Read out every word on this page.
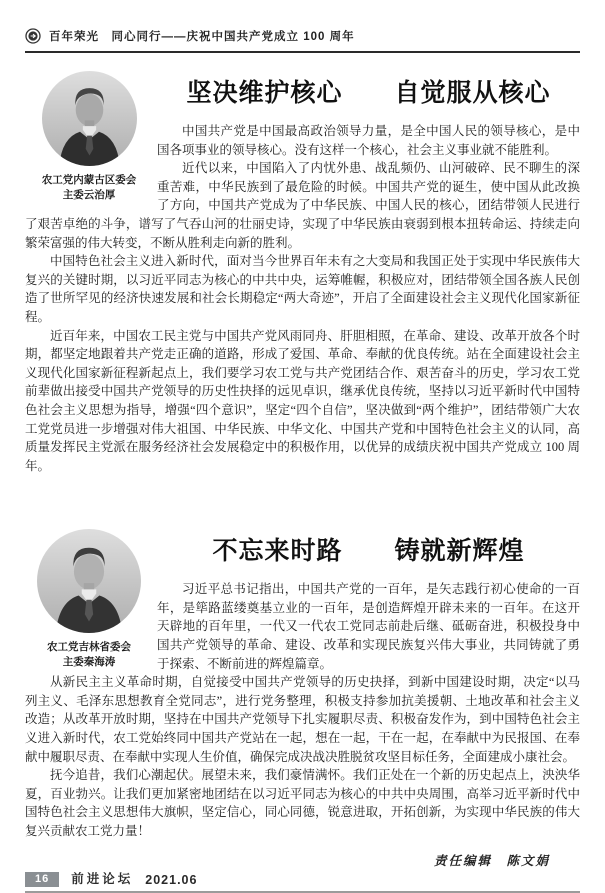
百年荣光　同心同行——庆祝中国共产党成立 100 周年
农工党内蒙古区委会
主委云治厚
坚决维护核心　　自觉服从核心

中国共产党是中国最高政治领导力量，是全中国人民的领导核心，是中国各项事业的领导核心。没有这样一个核心，社会主义事业就不能胜利。

近代以来，中国陷入了内忧外患、战乱频仍、山河破碎、民不聊生的深重苦难，中华民族到了最危险的时候。中国共产党的诞生，使中国从此改换了方向，中国共产党成为了中华民族、中国人民的核心，团结带领人民进行了艰苦卓绝的斗争，谱写了气吞山河的壮丽史诗，实现了中华民族由衰弱到根本扭转命运、持续走向繁荣富强的伟大转变，不断从胜利走向新的胜利。

中国特色社会主义进入新时代，面对当今世界百年未有之大变局和我国正处于实现中华民族伟大复兴的关键时期，以习近平同志为核心的中共中央，运筹帷幄，积极应对，团结带领全国各族人民创造了世所罕见的经济快速发展和社会长期稳定“两大奇迹”，开启了全面建设社会主义现代化国家新征程。

近百年来，中国农工民主党与中国共产党风雨同舟、肝胆相照，在革命、建设、改革开放各个时期，都坚定地跟着共产党走正确的道路，形成了爱国、革命、奉献的优良传统。站在全面建设社会主义现代化国家新征程新起点上，我们要学习农工党与共产党团结合作、艰苦奋斗的历史，学习农工党前辈做出接受中国共产党领导的历史性抉择的远见卓识，继承优良传统，坚持以习近平新时代中国特色社会主义思想为指导，增强“四个意识”，坚定“四个自信”，坚决做到“两个维护”，团结带领广大农工党党员进一步增强对伟大祖国、中华民族、中华文化、中国共产党和中国特色社会主义的认同，高质量发挥民主党派在服务经济社会发展稳定中的积极作用，以优异的成绩庆祝中国共产党成立 100 周年。

农工党吉林省委会
主委秦海涛
不忘来时路　　铸就新辉煌

习近平总书记指出，中国共产党的一百年，是矢志践行初心使命的一百年，是筚路蓝缕奠基立业的一百年，是创造辉煌开辟未来的一百年。在这开天辟地的百年里，一代又一代农工党同志前赴后继、砥砺奋进，积极投身中国共产党领导的革命、建设、改革和实现民族复兴伟大事业，共同铸就了勇于探索、不断前进的辉煌篇章。

从新民主主义革命时期，自觉接受中国共产党领导的历史抉择，到新中国建设时期，决定“以马列主义、毛泽东思想教育全党同志”，进行党务整理，积极支持参加抗美援朝、土地改革和社会主义改造；从改革开放时期，坚持在中国共产党领导下扎实履职尽责、积极奋发作为，到中国特色社会主义进入新时代，农工党始终同中国共产党站在一起，想在一起，干在一起，在奉献中为民报国、在奉献中履职尽责、在奉献中实现人生价值，确保完成决战决胜脱贫攻坚目标任务，全面建成小康社会。

抚今追昔，我们心潮起伏。展望未来，我们豪情满怀。我们正处在一个新的历史起点上，泱泱华夏，百业勃兴。让我们更加紧密地团结在以习近平同志为核心的中共中央周围，高举习近平新时代中国特色社会主义思想伟大旗帜，坚定信心，同心同德，锐意进取，开拓创新，为实现中华民族的伟大复兴贡献农工党力量！

责任编辑　陈文娟
16	前进论坛 2021.06
